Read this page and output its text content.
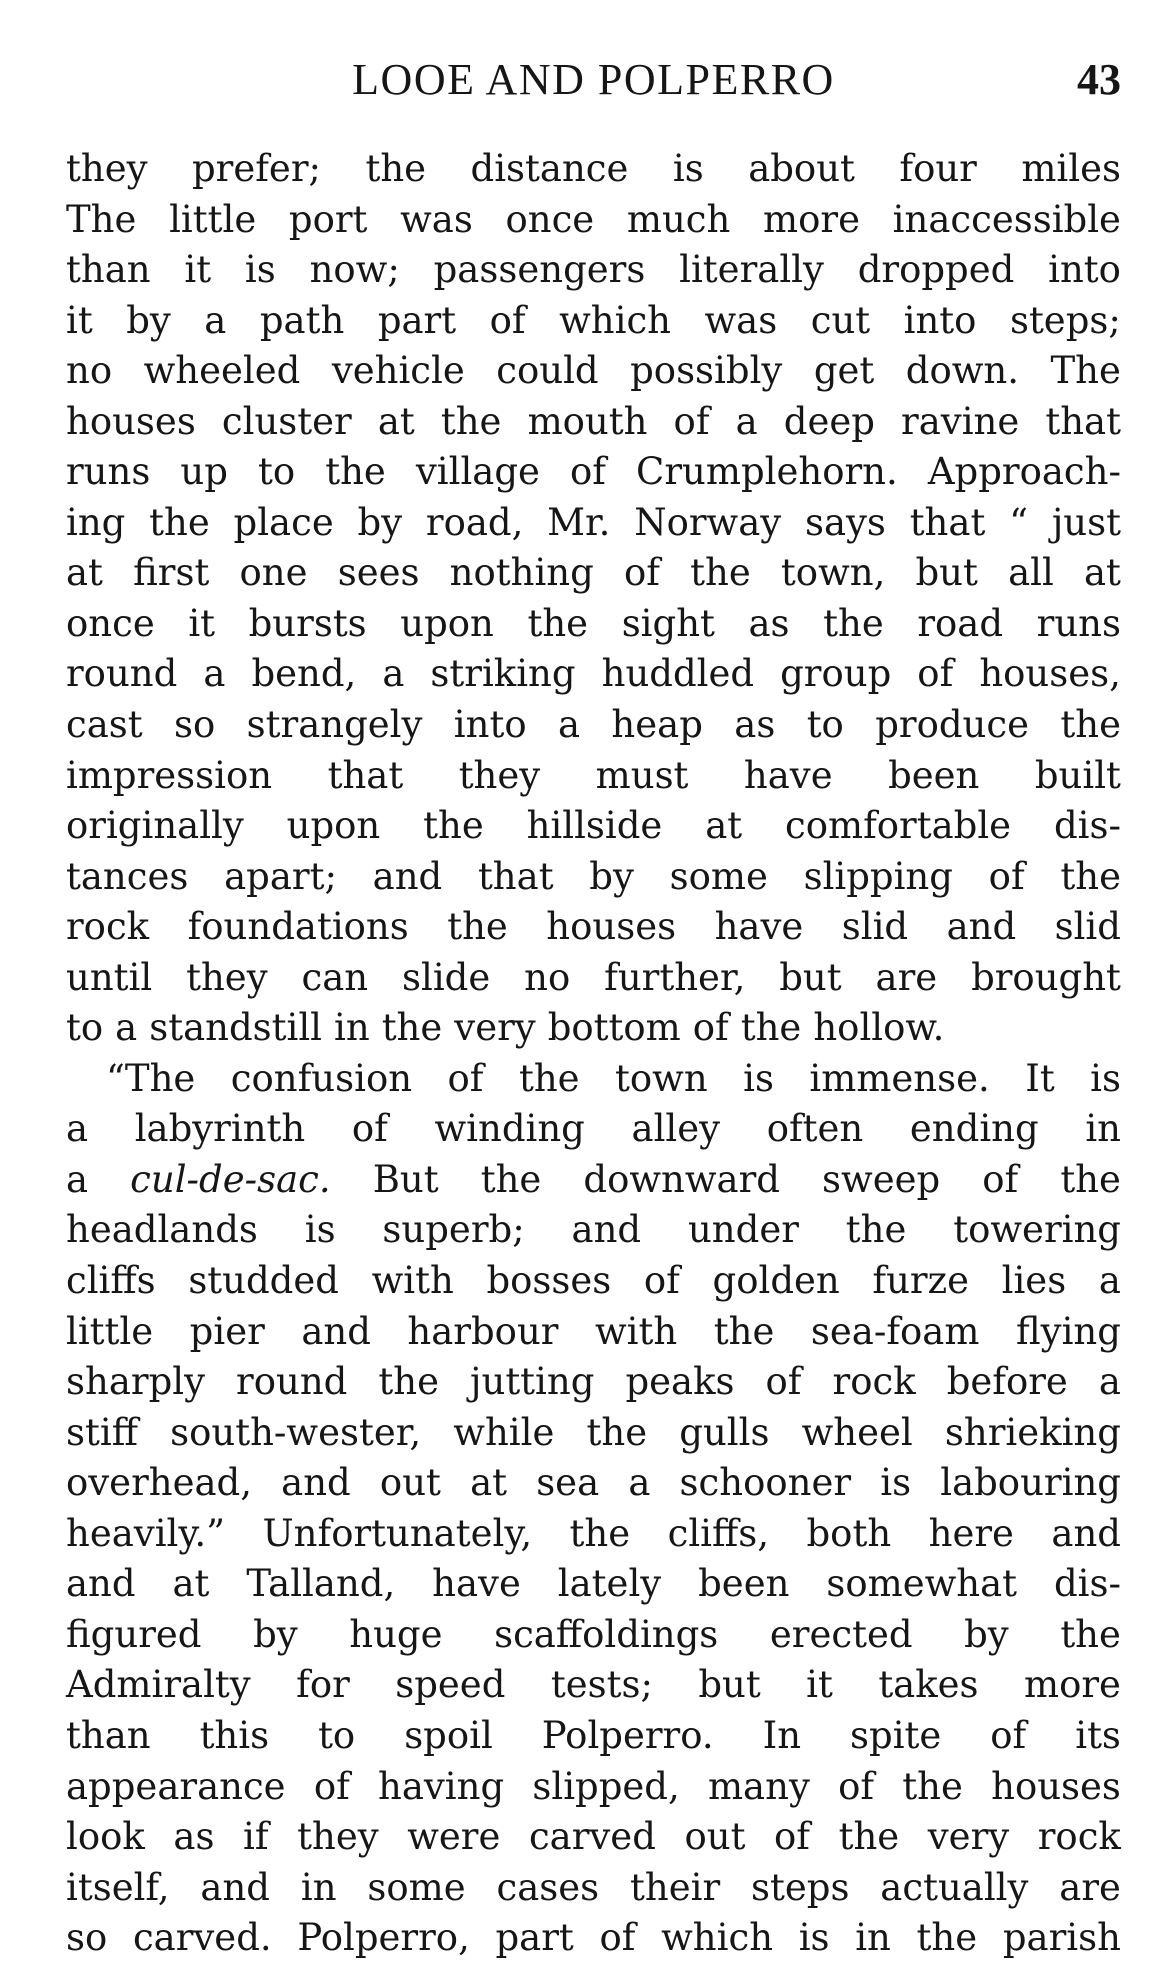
LOOE AND POLPERRO	43
they prefer; the distance is about four miles
The little port was once much more inaccessible
than it is now; passengers literally dropped into
it by a path part of which was cut into steps;
no wheeled vehicle could possibly get down. The
houses cluster at the mouth of a deep ravine that
runs up to the village of Crumplehorn. Approach-
ing the place by road, Mr. Norway says that “ just
at first one sees nothing of the town, but all at
once it bursts upon the sight as the road runs
round a bend, a striking huddled group of houses,
cast so strangely into a heap as to produce the
impression that they must have been built
originally upon the hillside at comfortable dis-
tances apart; and that by some slipping of the
rock foundations the houses have slid and slid
until they can slide no further, but are brought
to a standstill in the very bottom of the hollow.
“The confusion of the town is immense. It is
a labyrinth of winding alley often ending in
a cul-de-sac. But the downward sweep of the
headlands is superb; and under the towering
cliffs studded with bosses of golden furze lies a
little pier and harbour with the sea-foam flying
sharply round the jutting peaks of rock before a
stiff south-wester, while the gulls wheel shrieking
overhead, and out at sea a schooner is labouring
heavily.” Unfortunately, the cliffs, both here and
and at Talland, have lately been somewhat dis-
figured by huge scaffoldings erected by the
Admiralty for speed tests; but it takes more
than this to spoil Polperro. In spite of its
appearance of having slipped, many of the houses
look as if they were carved out of the very rock
itself, and in some cases their steps actually are
so carved. Polperro, part of which is in the parish
